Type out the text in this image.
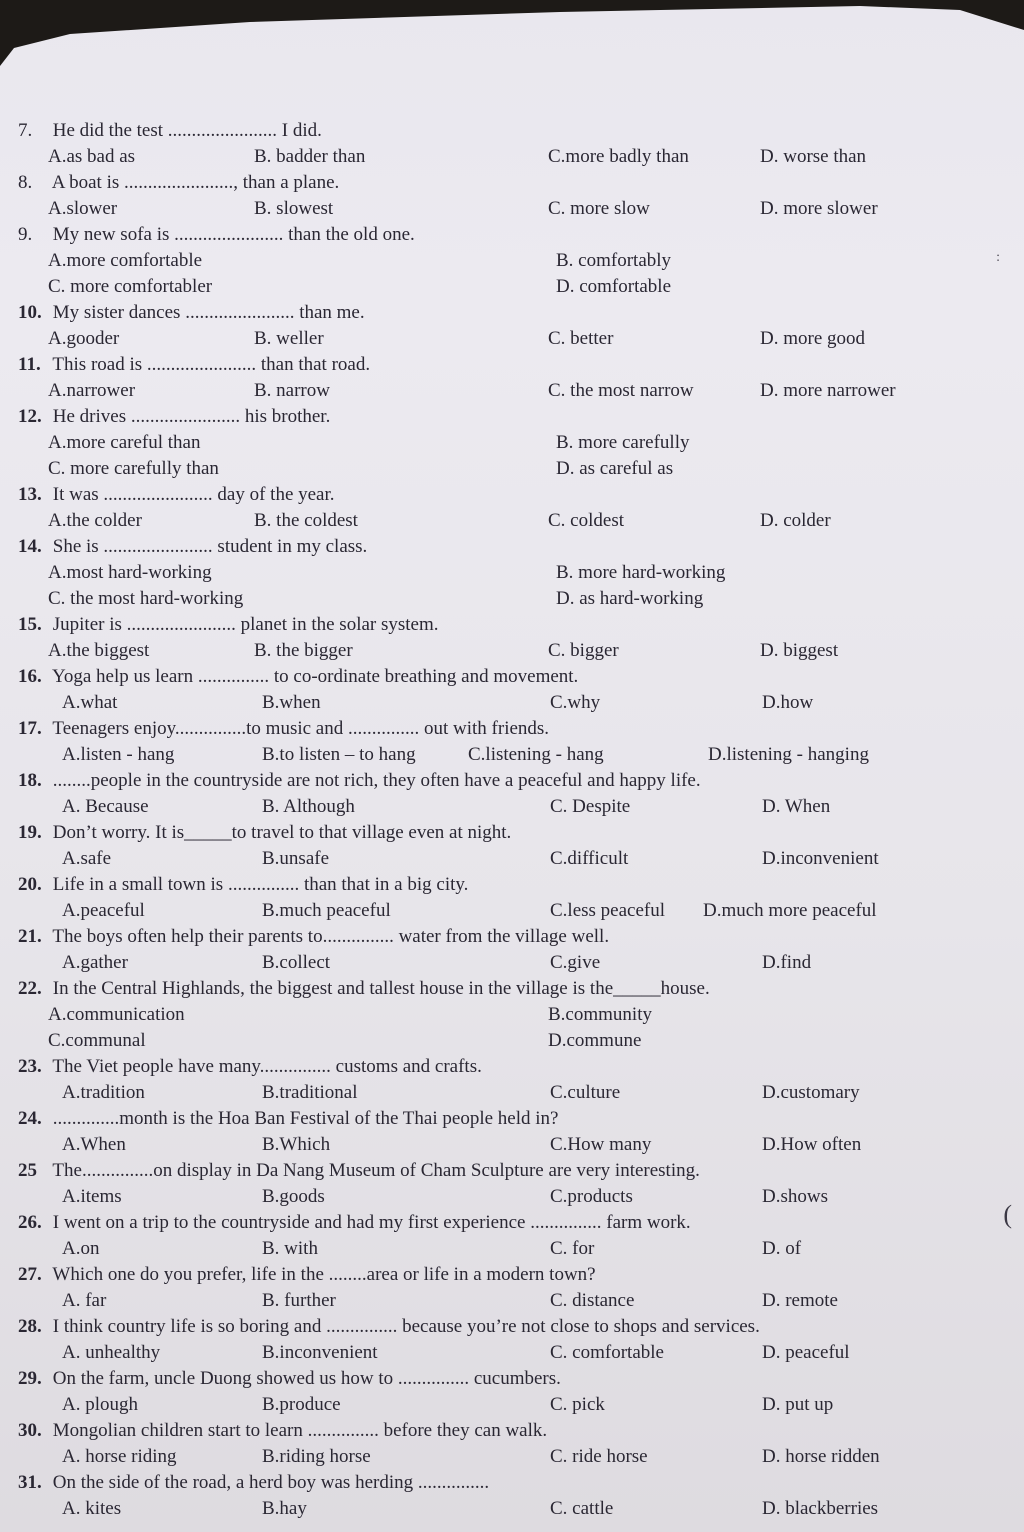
7. He did the test ....................... I did.
A.as bad as	B. badder than	C.more badly than	D. worse than
8. A boat is ......................., than a plane.
A.slower	B. slowest	C. more slow	D. more slower
9. My new sofa is ....................... than the old one.
A.more comfortable	B. comfortably
C. more comfortabler	D. comfortable
10. My sister dances ....................... than me.
A.gooder	B. weller	C. better	D. more good
11. This road is ....................... than that road.
A.narrower	B. narrow	C. the most narrow	D. more narrower
12. He drives ....................... his brother.
A.more careful than	B. more carefully
C. more carefully than	D. as careful as
13. It was ....................... day of the year.
A.the colder	B. the coldest	C. coldest	D. colder
14. She is ....................... student in my class.
A.most hard-working	B. more hard-working
C. the most hard-working	D. as hard-working
15. Jupiter is ....................... planet in the solar system.
A.the biggest	B. the bigger	C. bigger	D. biggest
16. Yoga help us learn ............... to co-ordinate breathing and movement.
A.what	B.when	C.why	D.how
17. Teenagers enjoy...............to music and ............... out with friends.
A.listen - hang	B.to listen – to hang	C.listening - hang	D.listening - hanging
18. ........people in the countryside are not rich, they often have a peaceful and happy life.
A. Because	B. Although	C. Despite	D. When
19. Don’t worry. It is_____to travel to that village even at night.
A.safe	B.unsafe	C.difficult	D.inconvenient
20. Life in a small town is ............... than that in a big city.
A.peaceful	B.much peaceful	C.less peaceful D.much more peaceful
21. The boys often help their parents to............... water from the village well.
A.gather	B.collect	C.give	D.find
22. In the Central Highlands, the biggest and tallest house in the village is the_____house.
A.communication	B.community
C.communal	D.commune
23. The Viet people have many............... customs and crafts.
A.tradition	B.traditional	C.culture	D.customary
24. ..............month is the Hoa Ban Festival of the Thai people held in?
A.When	B.Which	C.How many	D.How often
25 The...............on display in Da Nang Museum of Cham Sculpture are very interesting.
A.items	B.goods	C.products	D.shows
26. I went on a trip to the countryside and had my first experience ............... farm work.
A.on	B. with	C. for	D. of
27. Which one do you prefer, life in the ........area or life in a modern town?
A. far	B. further	C. distance	D. remote
28. I think country life is so boring and ............... because you’re not close to shops and services.
A. unhealthy	B.inconvenient	C. comfortable	D. peaceful
29. On the farm, uncle Duong showed us how to ............... cucumbers.
A. plough	B.produce	C. pick	D. put up
30. Mongolian children start to learn ............... before they can walk.
A. horse riding	B.riding horse	C. ride horse	D. horse ridden
31. On the side of the road, a herd boy was herding ...............
A. kites	B.hay	C. cattle	D. blackberries
(
:
